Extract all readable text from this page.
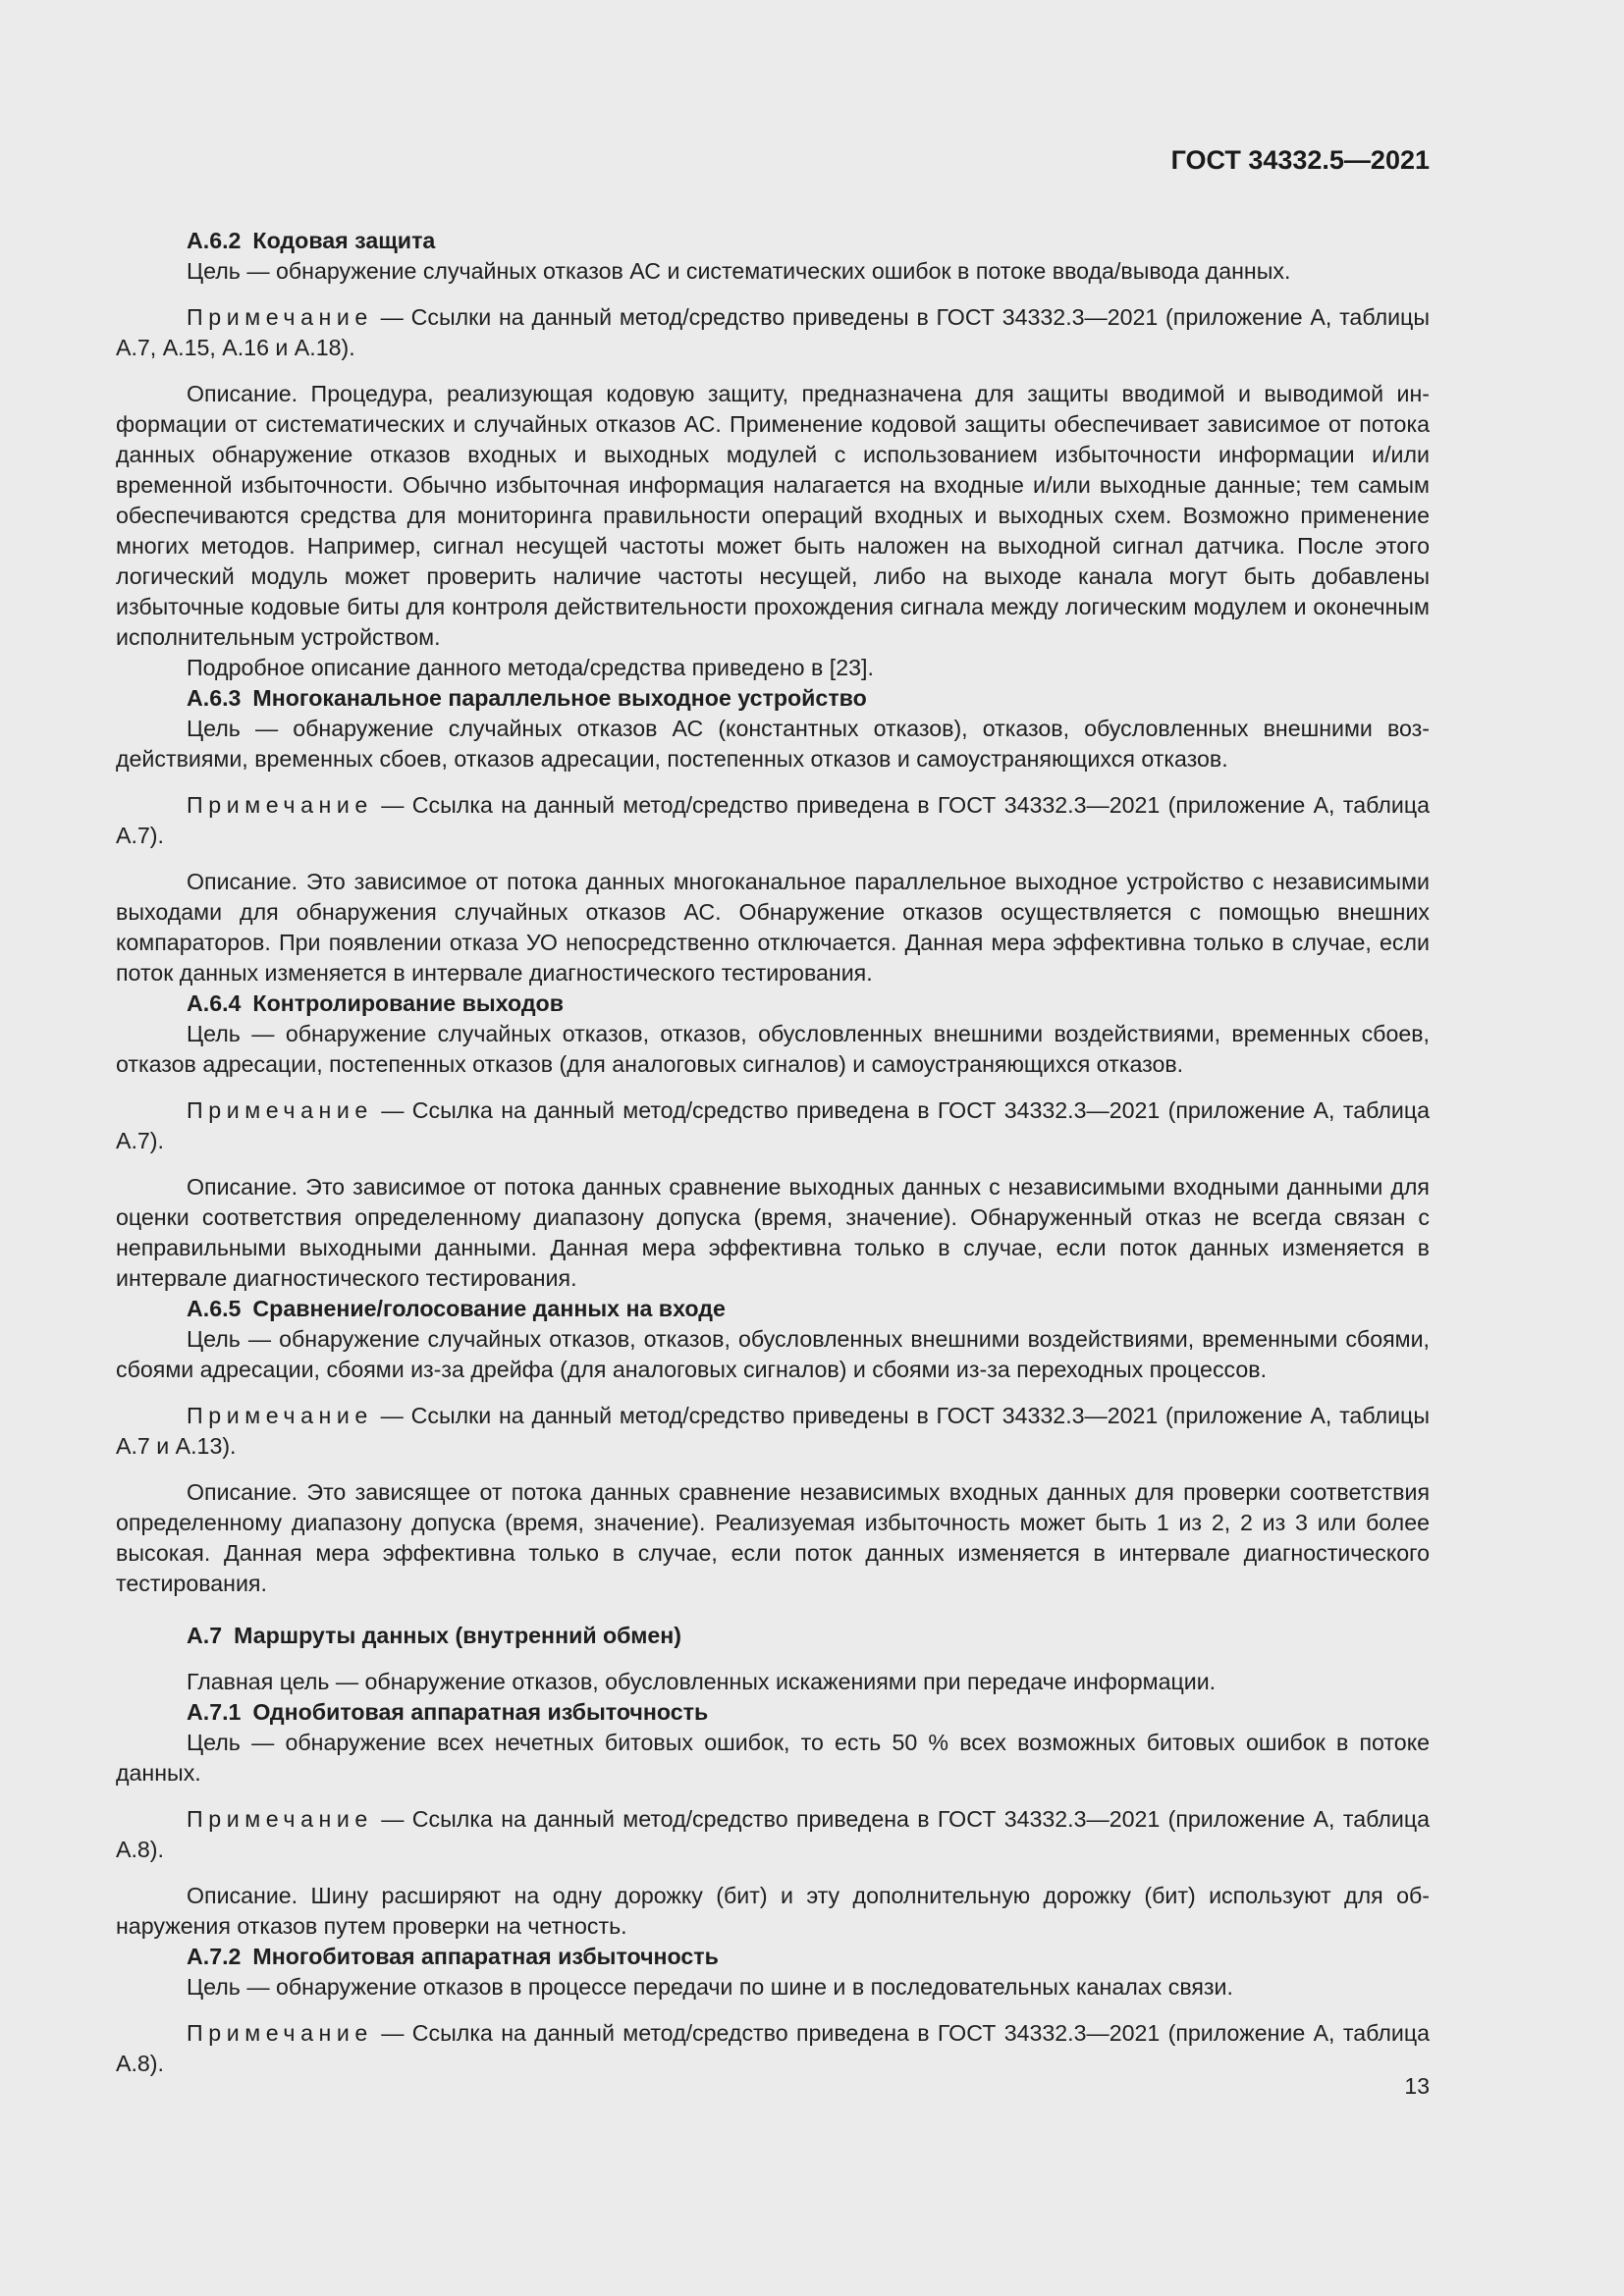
ГОСТ 34332.5—2021
А.6.2 Кодовая защита

Цель — обнаружение случайных отказов АС и систематических ошибок в потоке ввода/вывода данных.

Примечание — Ссылки на данный метод/средство приведены в ГОСТ 34332.3—2021 (приложение А, таблицы А.7, А.15, А.16 и А.18).

Описание. Процедура, реализующая кодовую защиту, предназначена для защиты вводимой и выводимой информации от систематических и случайных отказов АС. Применение кодовой защиты обеспечивает зависимое от потока данных обнаружение отказов входных и выходных модулей с использованием избыточности информации и/или временной избыточности. Обычно избыточная информация налагается на входные и/или выходные данные; тем самым обеспечиваются средства для мониторинга правильности операций входных и выходных схем. Возможно применение многих методов. Например, сигнал несущей частоты может быть наложен на выходной сигнал датчика. После этого логический модуль может проверить наличие частоты несущей, либо на выходе канала могут быть добавлены избыточные кодовые биты для контроля действительности прохождения сигнала между логическим модулем и оконечным исполнительным устройством.

Подробное описание данного метода/средства приведено в [23].

А.6.3 Многоканальное параллельное выходное устройство

Цель — обнаружение случайных отказов АС (константных отказов), отказов, обусловленных внешними воздействиями, временных сбоев, отказов адресации, постепенных отказов и самоустраняющихся отказов.

Примечание — Ссылка на данный метод/средство приведена в ГОСТ 34332.3—2021 (приложение А, таблица А.7).

Описание. Это зависимое от потока данных многоканальное параллельное выходное устройство с независимыми выходами для обнаружения случайных отказов АС. Обнаружение отказов осуществляется с помощью внешних компараторов. При появлении отказа УО непосредственно отключается. Данная мера эффективна только в случае, если поток данных изменяется в интервале диагностического тестирования.

А.6.4 Контролирование выходов

Цель — обнаружение случайных отказов, отказов, обусловленных внешними воздействиями, временных сбоев, отказов адресации, постепенных отказов (для аналоговых сигналов) и самоустраняющихся отказов.

Примечание — Ссылка на данный метод/средство приведена в ГОСТ 34332.3—2021 (приложение А, таблица А.7).

Описание. Это зависимое от потока данных сравнение выходных данных с независимыми входными данными для оценки соответствия определенному диапазону допуска (время, значение). Обнаруженный отказ не всегда связан с неправильными выходными данными. Данная мера эффективна только в случае, если поток данных изменяется в интервале диагностического тестирования.

А.6.5 Сравнение/голосование данных на входе

Цель — обнаружение случайных отказов, отказов, обусловленных внешними воздействиями, временными сбоями, сбоями адресации, сбоями из-за дрейфа (для аналоговых сигналов) и сбоями из-за переходных процессов.

Примечание — Ссылки на данный метод/средство приведены в ГОСТ 34332.3—2021 (приложение А, таблицы А.7 и А.13).

Описание. Это зависящее от потока данных сравнение независимых входных данных для проверки соответствия определенному диапазону допуска (время, значение). Реализуемая избыточность может быть 1 из 2, 2 из 3 или более высокая. Данная мера эффективна только в случае, если поток данных изменяется в интервале диагностического тестирования.

А.7 Маршруты данных (внутренний обмен)

Главная цель — обнаружение отказов, обусловленных искажениями при передаче информации.

А.7.1 Однобитовая аппаратная избыточность

Цель — обнаружение всех нечетных битовых ошибок, то есть 50 % всех возможных битовых ошибок в потоке данных.

Примечание — Ссылка на данный метод/средство приведена в ГОСТ 34332.3—2021 (приложение А, таблица А.8).

Описание. Шину расширяют на одну дорожку (бит) и эту дополнительную дорожку (бит) используют для обнаружения отказов путем проверки на четность.

А.7.2 Многобитовая аппаратная избыточность

Цель — обнаружение отказов в процессе передачи по шине и в последовательных каналах связи.

Примечание — Ссылка на данный метод/средство приведена в ГОСТ 34332.3—2021 (приложение А, таблица А.8).

13
